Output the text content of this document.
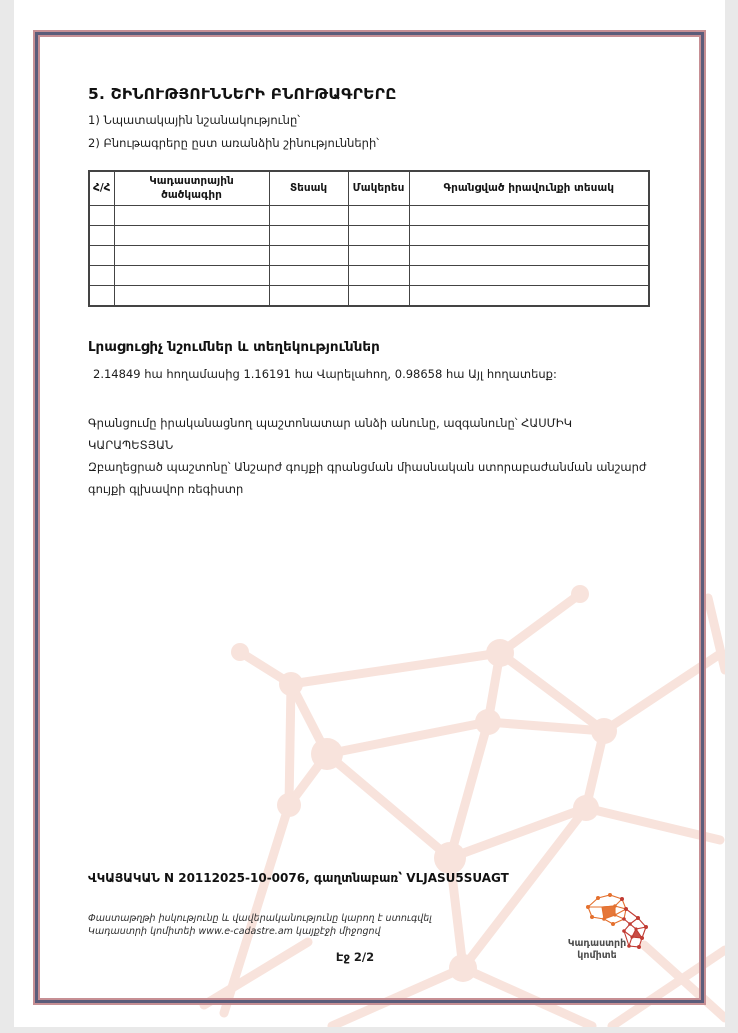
5. ՇԻՆՈՒԹՅՈՒՆՆԵՐԻ ԲՆՈՒԹԱԳՐԵՐԸ
1) Նպատակային նշանակությունը՝
2) Բնութագրերը ըստ առանձին շինությունների՝
Հ/Հ	Կադաստրային ծածկագիր	Տեսակ	Մակերես	Գրանցված իրավունքի տեսակ

Լրացուցիչ նշումներ և տեղեկություններ
2.14849 հա հողամասից 1.16191 հա Վարելահող, 0.98658 հա Այլ հողատեսք:
Գրանցումը իրականացնող պաշտոնատար անձի անունը, ազգանունը՝ ՀԱՍՄԻԿ ԿԱՐԱՊԵՏՅԱՆ
Զբաղեցրած պաշտոնը՝ Անշարժ գույքի գրանցման միասնական ստորաբաժանման անշարժ գույքի գլխավոր ռեգիստր
ՎԿԱՅԱԿԱՆ N 20112025-10-0076, գաղտնաբառ՝ VLJASU5SUAGT
Փաստաթղթի իսկությունը և վավերականությունը կարող է ստուգվել Կադաստրի կոմիտեի www.e-cadastre.am կայքէջի միջոցով
Էջ 2/2
Կադաստրի
կոմիտե
